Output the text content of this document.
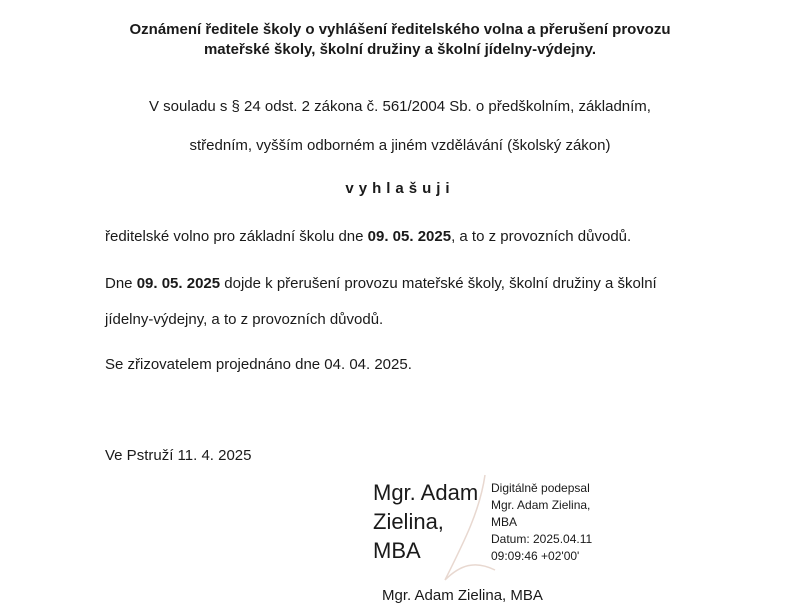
Oznámení ředitele školy o vyhlášení ředitelského volna a přerušení provozu
mateřské školy, školní družiny a školní jídelny-výdejny.
V souladu s § 24 odst. 2 zákona č. 561/2004 Sb. o předškolním, základním,
středním, vyšším odborném a jiném vzdělávání (školský zákon)
vyhlašuji
ředitelské volno pro základní školu dne 09. 05. 2025, a to z provozních důvodů.
Dne 09. 05. 2025 dojde k přerušení provozu mateřské školy, školní družiny a školní
jídelny-výdejny, a to z provozních důvodů.
Se zřizovatelem projednáno dne 04. 04. 2025.
Ve Pstruží 11. 4. 2025
Mgr. Adam
Zielina,
MBA
Digitálně podepsal
Mgr. Adam Zielina,
MBA
Datum: 2025.04.11
09:09:46 +02'00'
Mgr. Adam Zielina, MBA
